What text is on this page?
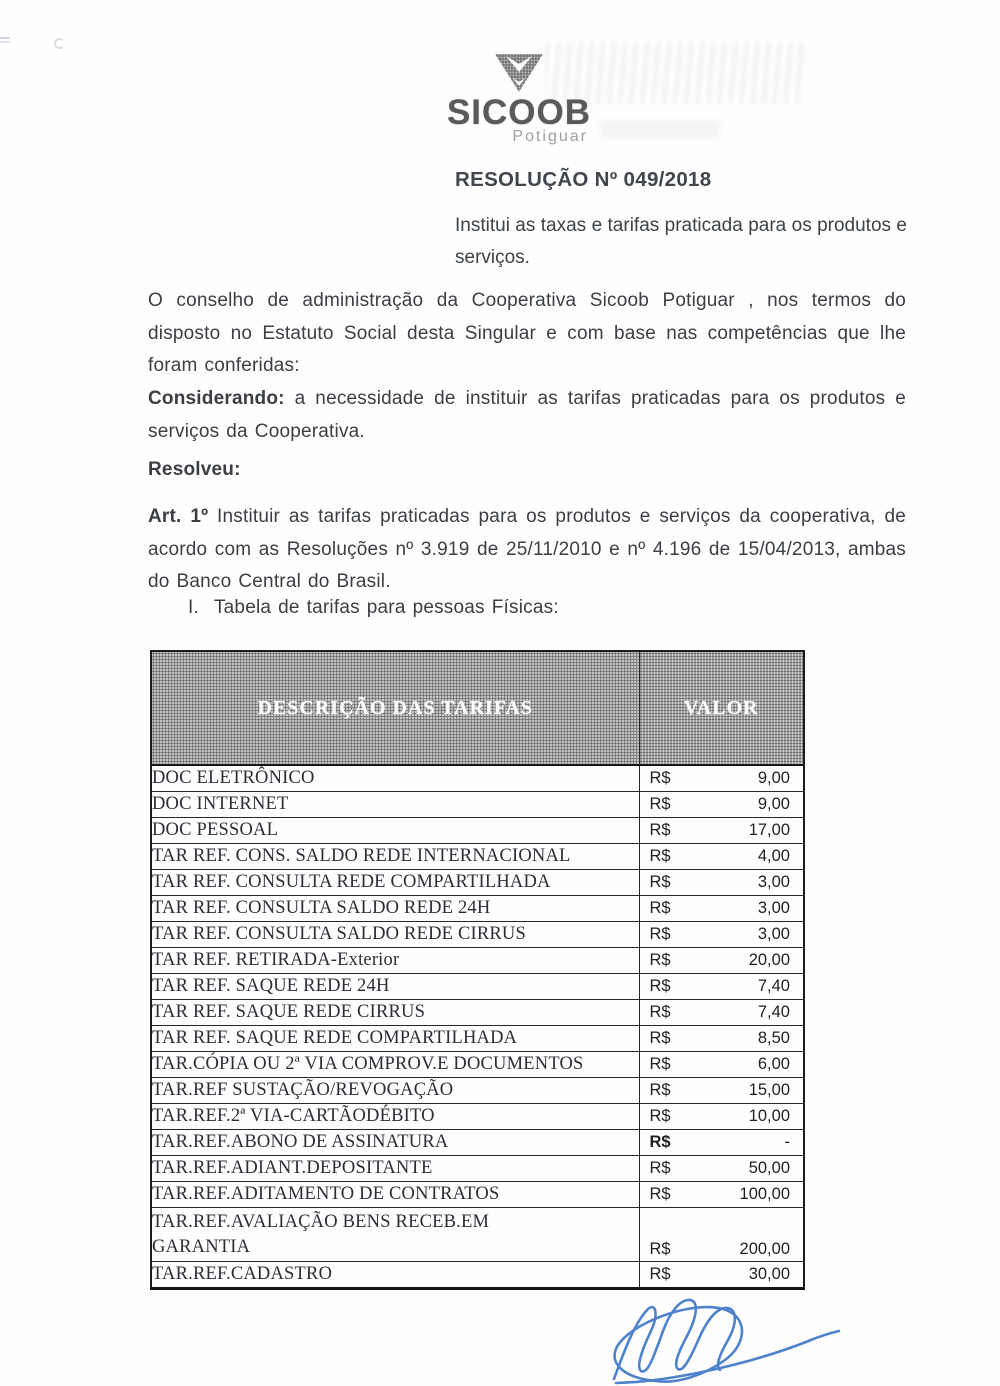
SICOOB
Potiguar
RESOLUÇÃO Nº 049/2018
Institui as taxas e tarifas praticada para os produtos e serviços.

O conselho de administração da Cooperativa Sicoob Potiguar , nos termos do disposto no Estatuto Social desta Singular e com base nas competências que lhe foram conferidas:

Considerando: a necessidade de instituir as tarifas praticadas para os produtos e serviços da Cooperativa.

Resolveu:

Art. 1º Instituir as tarifas praticadas para os produtos e serviços da cooperativa, de acordo com as Resoluções nº 3.919 de 25/11/2010 e nº 4.196 de 15/04/2013, ambas do Banco Central do Brasil.

I. Tabela de tarifas para pessoas Físicas:

DESCRIÇÃO DAS TARIFAS	VALOR
DOC ELETRÔNICO	R$ 9,00

DOC INTERNET	R$ 9,00

DOC PESSOAL	R$ 17,00

TAR REF. CONS. SALDO REDE INTERNACIONAL	R$ 4,00

TAR REF. CONSULTA REDE COMPARTILHADA	R$ 3,00

TAR REF. CONSULTA SALDO REDE 24H	R$ 3,00

TAR REF. CONSULTA SALDO REDE CIRRUS	R$ 3,00

TAR REF. RETIRADA-Exterior	R$ 20,00

TAR REF. SAQUE REDE 24H	R$ 7,40

TAR REF. SAQUE REDE CIRRUS	R$ 7,40

TAR REF. SAQUE REDE COMPARTILHADA	R$ 8,50

TAR.CÓPIA OU 2ª VIA COMPROV.E DOCUMENTOS	R$ 6,00

TAR.REF SUSTAÇÃO/REVOGAÇÃO	R$ 15,00

TAR.REF.2ª VIA-CARTÃODÉBITO	R$ 10,00

TAR.REF.ABONO DE ASSINATURA	R$ -

TAR.REF.ADIANT.DEPOSITANTE	R$ 50,00

TAR.REF.ADITAMENTO DE CONTRATOS	R$ 100,00

TAR.REF.AVALIAÇÃO BENS RECEB.EM
GARANTIA	R$ 200,00

TAR.REF.CADASTRO	R$ 30,00
